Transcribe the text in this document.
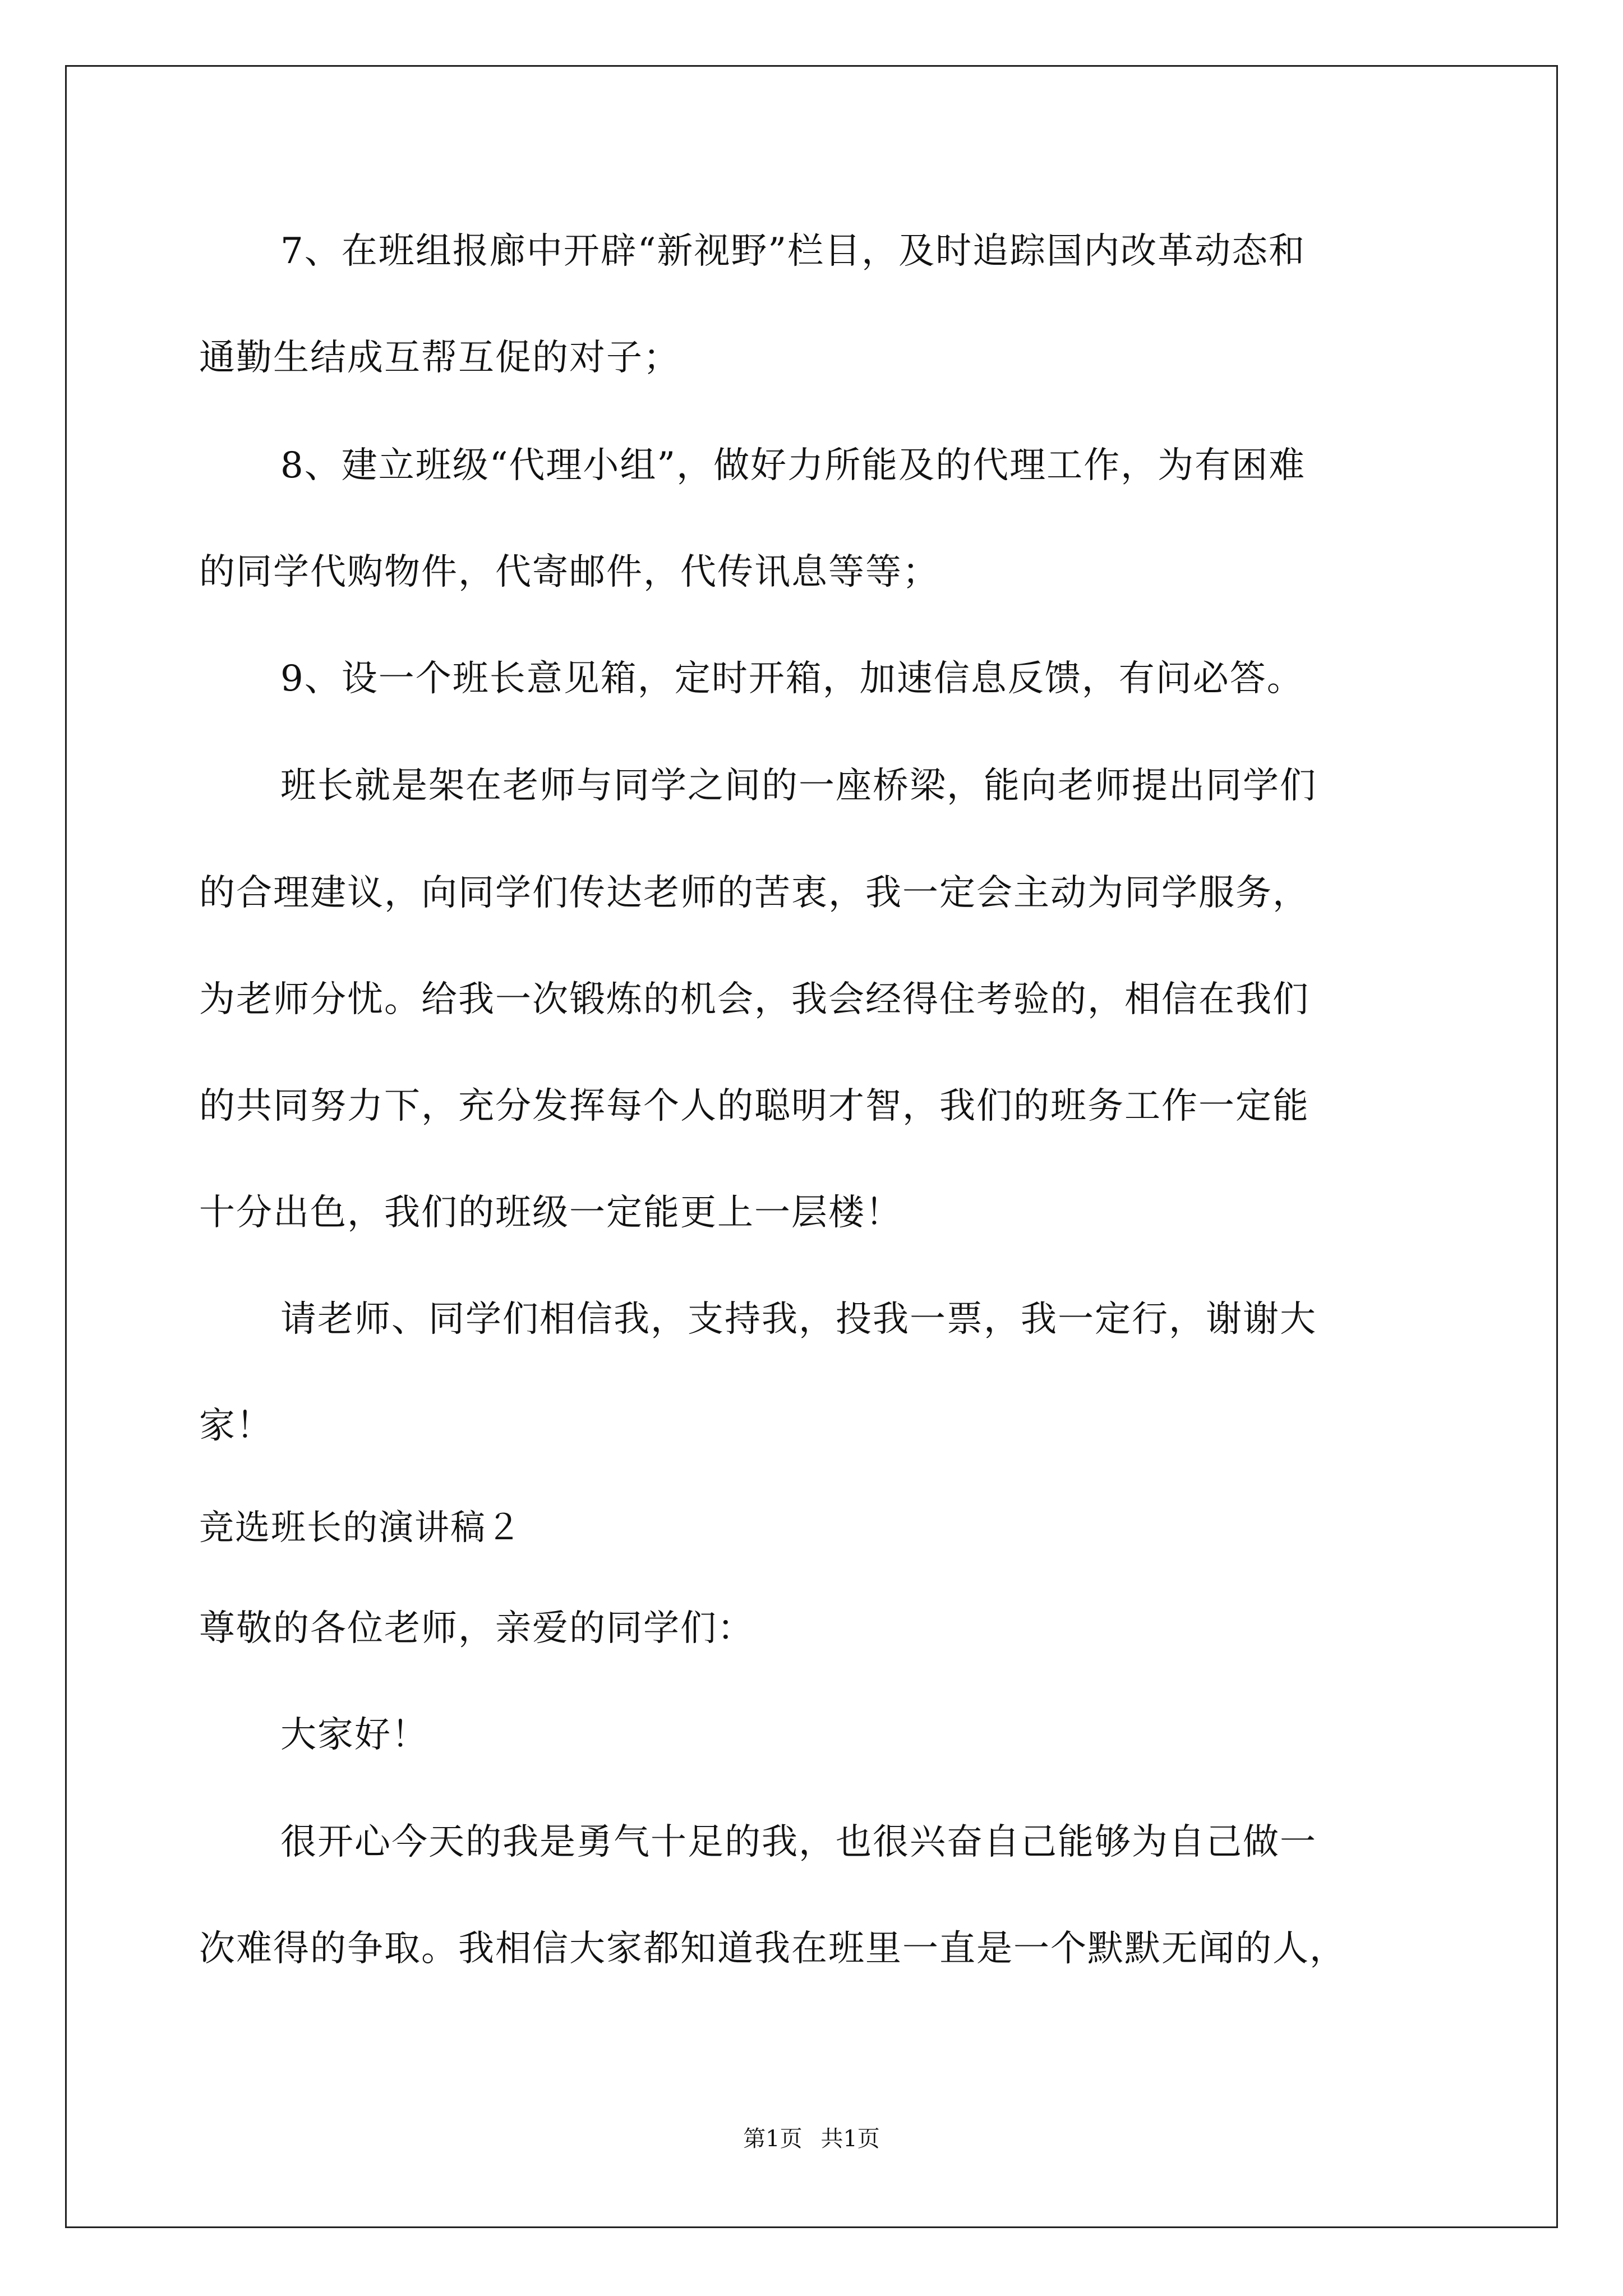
7、在班组报廊中开辟“新视野”栏目，及时追踪国内改革动态和
通勤生结成互帮互促的对子；
8、建立班级“代理小组”，做好力所能及的代理工作，为有困难
的同学代购物件，代寄邮件，代传讯息等等；
9、设一个班长意见箱，定时开箱，加速信息反馈，有问必答。
班长就是架在老师与同学之间的一座桥梁，能向老师提出同学们
的合理建议，向同学们传达老师的苦衷，我一定会主动为同学服务，
为老师分忧。给我一次锻炼的机会，我会经得住考验的，相信在我们
的共同努力下，充分发挥每个人的聪明才智，我们的班务工作一定能
十分出色，我们的班级一定能更上一层楼！
请老师、同学们相信我，支持我，投我一票，我一定行，谢谢大
家！
竞选班长的演讲稿２
尊敬的各位老师，亲爱的同学们：
大家好！
很开心今天的我是勇气十足的我，也很兴奋自己能够为自己做一
次难得的争取。我相信大家都知道我在班里一直是一个默默无闻的人，
第1页 共1页
